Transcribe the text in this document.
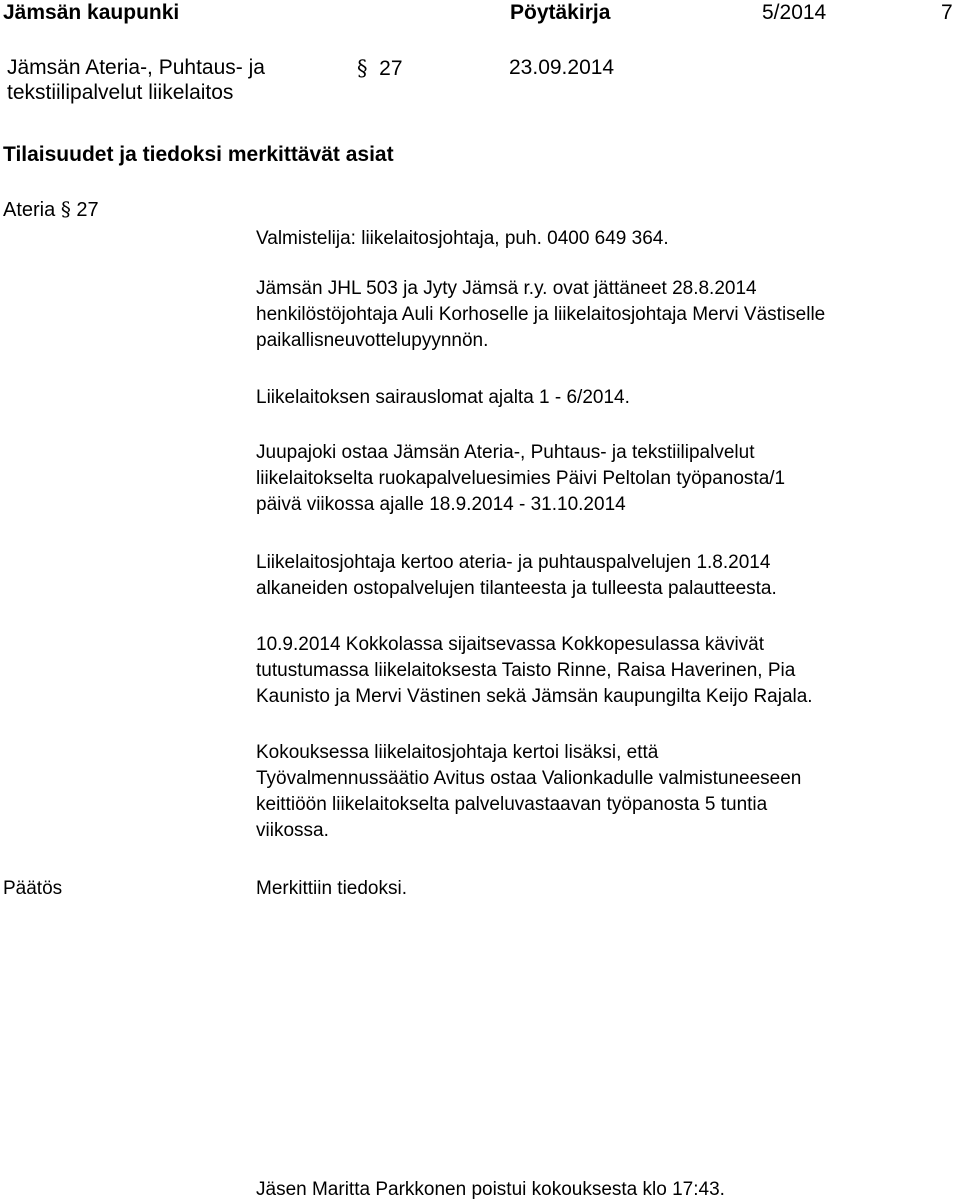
Jämsän kaupunki	Pöytäkirja	5/2014	7
Jämsän Ateria-, Puhtaus- ja
tekstiilipalvelut liikelaitos
§ 27	23.09.2014
Tilaisuudet ja tiedoksi merkittävät asiat
Ateria § 27
Valmistelija: liikelaitosjohtaja, puh. 0400 649 364.
Jämsän JHL 503 ja Jyty Jämsä r.y. ovat jättäneet 28.8.2014
henkilöstöjohtaja Auli Korhoselle ja liikelaitosjohtaja Mervi Västiselle
paikallisneuvottelupyynnön.
Liikelaitoksen sairauslomat ajalta 1 - 6/2014.
Juupajoki ostaa Jämsän Ateria-, Puhtaus- ja tekstiilipalvelut
liikelaitokselta ruokapalveluesimies Päivi Peltolan työpanosta/1
päivä viikossa ajalle 18.9.2014 - 31.10.2014
Liikelaitosjohtaja kertoo ateria- ja puhtauspalvelujen 1.8.2014
alkaneiden ostopalvelujen tilanteesta ja tulleesta palautteesta.
10.9.2014 Kokkolassa sijaitsevassa Kokkopesulassa kävivät
tutustumassa liikelaitoksesta Taisto Rinne, Raisa Haverinen, Pia
Kaunisto ja Mervi Västinen sekä Jämsän kaupungilta Keijo Rajala.
Kokouksessa liikelaitosjohtaja kertoi lisäksi, että
Työvalmennussäätio Avitus ostaa Valionkadulle valmistuneeseen
keittiöön liikelaitokselta palveluvastaavan työpanosta 5 tuntia
viikossa.
Päätös	Merkittiin tiedoksi.
Jäsen Maritta Parkkonen poistui kokouksesta klo 17:43.
